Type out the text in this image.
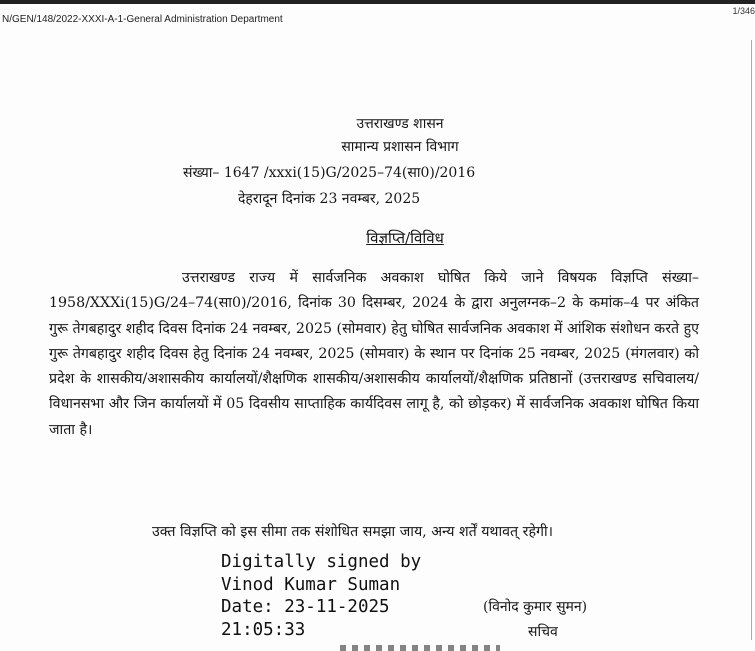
N/GEN/148/2022-XXXI-A-1-General Administration Department
1/346
उत्तराखण्ड शासन
सामान्य प्रशासन विभाग
संख्या– 1647 /xxxi(15)G/2025–74(सा0)/2016
देहरादून दिनांक 23 नवम्बर, 2025
विज्ञप्ति/विविध
उत्तराखण्ड राज्य में सार्वजनिक अवकाश घोषित किये जाने विषयक विज्ञप्ति संख्या–1958/XXXi(15)G/24–74(सा0)/2016, दिनांक 30 दिसम्बर, 2024 के द्वारा अनुलग्नक–2 के कमांक–4 पर अंकित गुरू तेगबहादुर शहीद दिवस दिनांक 24 नवम्बर, 2025 (सोमवार) हेतु घोषित सार्वजनिक अवकाश में आंशिक संशोधन करते हुए गुरू तेगबहादुर शहीद दिवस हेतु दिनांक 24 नवम्बर, 2025 (सोमवार) के स्थान पर दिनांक 25 नवम्बर, 2025 (मंगलवार) को प्रदेश के शासकीय/अशासकीय कार्यालयों/शैक्षणिक शासकीय/अशासकीय कार्यालयों/शैक्षणिक प्रतिष्ठानों (उत्तराखण्ड सचिवालय/विधानसभा और जिन कार्यालयों में 05 दिवसीय साप्ताहिक कार्यदिवस लागू है, को छोड़कर) में सार्वजनिक अवकाश घोषित किया जाता है।
उक्त विज्ञप्ति को इस सीमा तक संशोधित समझा जाय, अन्य शर्तें यथावत् रहेगी।
Digitally signed by
Vinod Kumar Suman
Date: 23-11-2025
21:05:33
(विनोद कुमार सुमन)
सचिव
